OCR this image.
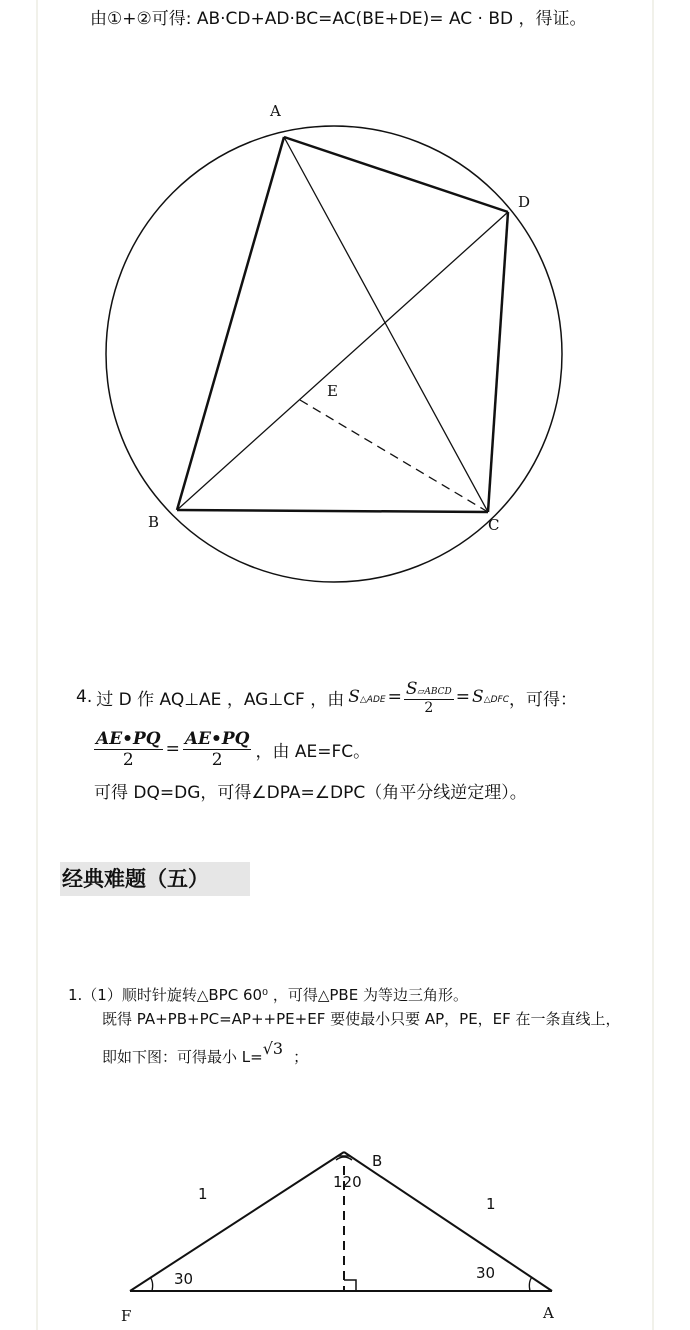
由①+②可得: AB·CD+AD·BC=AC(BE+DE)= AC · BD ，得证。
A
D
E
B	C
4. 过 D 作 AQ⊥AE ，AG⊥CF ，由 S△ADE = $\frac{\text{S▱ABCD}}{2}$ = S△DFC ，可得：
$\frac{AE•PQ}{2} = \frac{AE•PQ}{2}$ ，由 AE=FC。
可得 DQ=DG，可得∠DPA=∠DPC（角平分线逆定理）。
经典难题（五）
1.（1）顺时针旋转△BPC 60⁰ ，可得△PBE 为等边三角形。
既得 PA+PB+PC=AP++PE+EF 要使最小只要 AP，PE，EF 在一条直线上，
即如下图：可得最小 L=√3 ；
F	A
B
1
1
120
30	30
